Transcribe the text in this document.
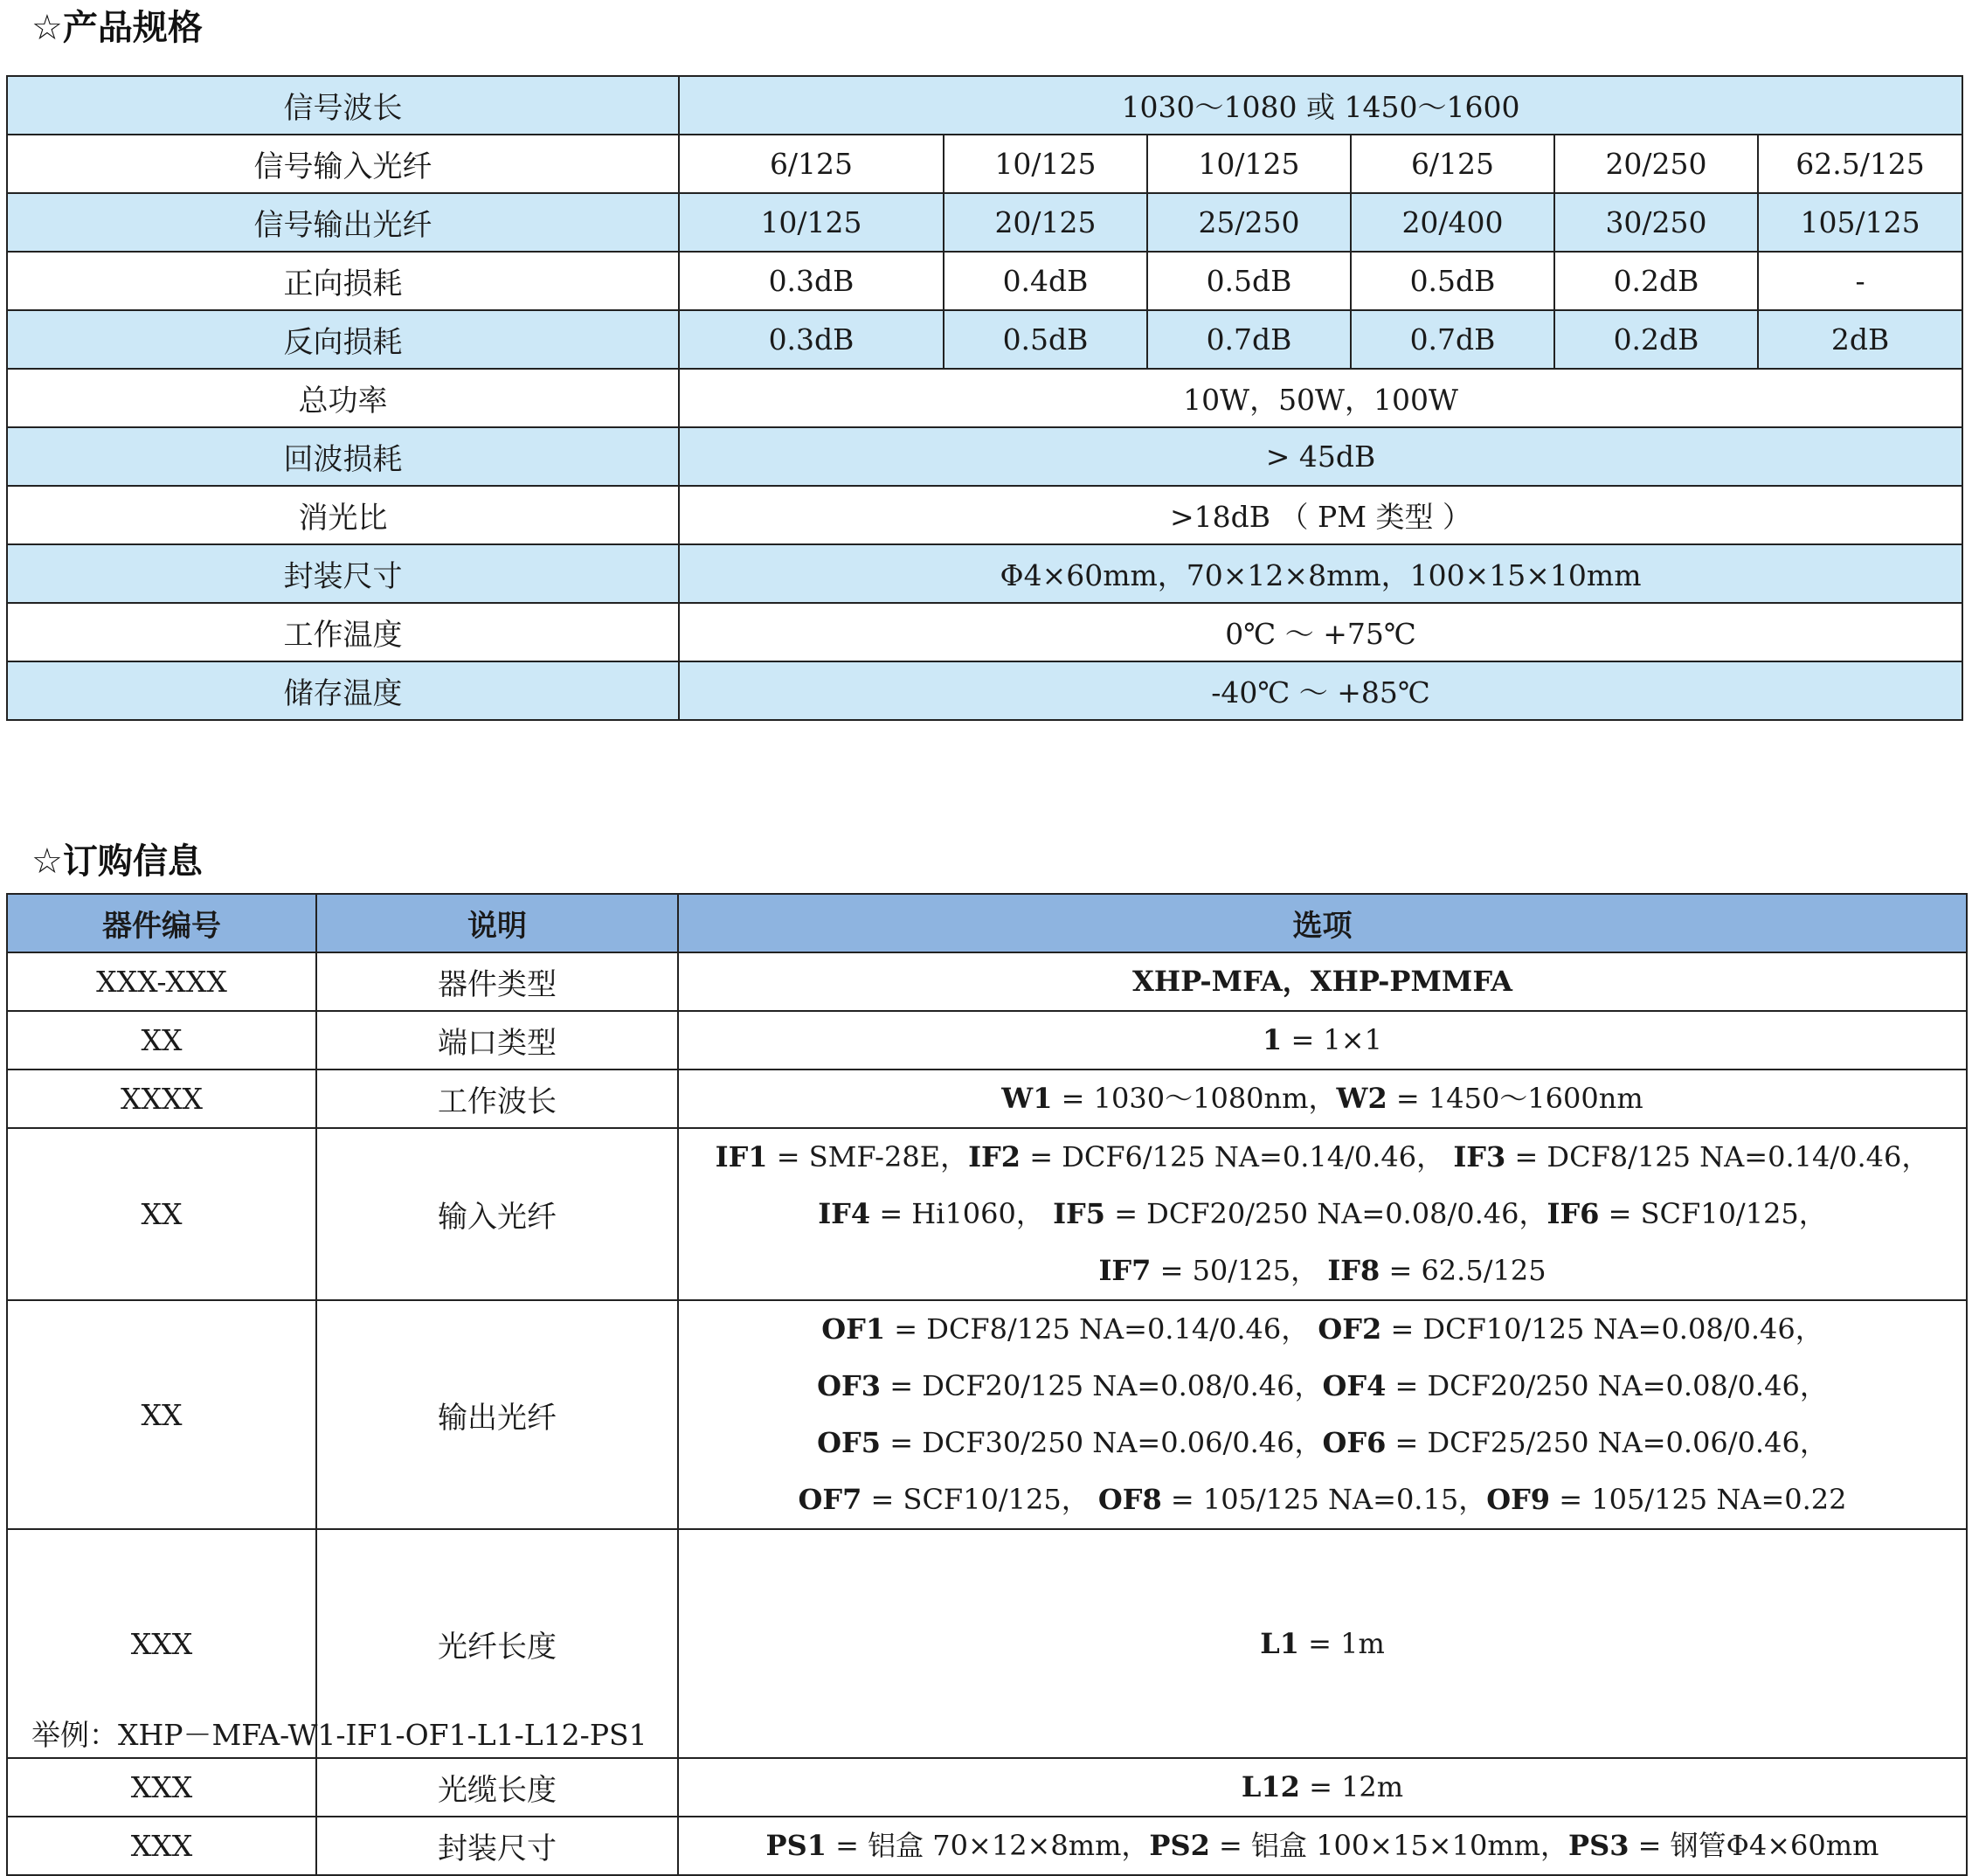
☆产品规格
信号波长	1030～1080 或 1450～1600					
信号输入光纤	6/125	10/125	10/125	6/125	20/250	62.5/125
信号输出光纤	10/125	20/125	25/250	20/400	30/250	105/125
正向损耗	0.3dB	0.4dB	0.5dB	0.5dB	0.2dB	-
反向损耗	0.3dB	0.5dB	0.7dB	0.7dB	0.2dB	2dB
总功率	10W，50W，100W					
回波损耗	> 45dB					
消光比	>18dB （ PM 类型 ）					
封装尺寸	Φ4×60mm，70×12×8mm，100×15×10mm					
工作温度	0℃ ～ +75℃					
储存温度	-40℃ ～ +85℃					
☆订购信息
器件编号	说明	选项
XXX-XXX	器件类型	XHP-MFA，XHP-PMMFA

XX	端口类型	1 = 1×1

XXXX	工作波长	W1 = 1030～1080nm，W2 = 1450～1600nm

XX	输入光纤	IF1 = SMF-28E，IF2 = DCF6/125 NA=0.14/0.46， IF3 = DCF8/125 NA=0.14/0.46，
IF4 = Hi1060， IF5 = DCF20/250 NA=0.08/0.46，IF6 = SCF10/125，
IF7 = 50/125， IF8 = 62.5/125

XX	输出光纤	OF1 = DCF8/125 NA=0.14/0.46， OF2 = DCF10/125 NA=0.08/0.46，
OF3 = DCF20/125 NA=0.08/0.46，OF4 = DCF20/250 NA=0.08/0.46，
OF5 = DCF30/250 NA=0.06/0.46，OF6 = DCF25/250 NA=0.06/0.46，
OF7 = SCF10/125， OF8 = 105/125 NA=0.15，OF9 = 105/125 NA=0.22

XXX	光纤长度	L1 = 1m

XXX	光缆长度	L12 = 12m

XXX	封装尺寸	PS1 = 铝盒 70×12×8mm，PS2 = 铝盒 100×15×10mm，PS3 = 钢管Φ4×60mm
举例：XHP－MFA-W1-IF1-OF1-L1-L12-PS1
